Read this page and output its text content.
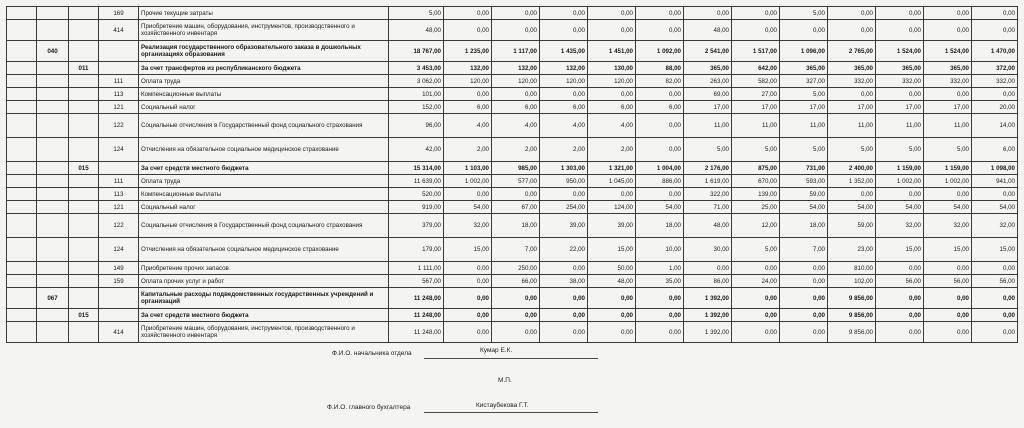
			169	Прочие текущие затраты	5,00	0,00	0,00	0,00	0,00	0,00	0,00	0,00	5,00	0,00	0,00	0,00	0,00
			414	Приобретение машин, оборудования, инструментов, производственного и хозяйственного инвентаря	48,00	0,00	0,00	0,00	0,00	0,00	48,00	0,00	0,00	0,00	0,00	0,00	0,00
	040			Реализация государственного образовательного заказа в дошкольных организациях образования	18 767,00	1 235,00	1 117,00	1 435,00	1 451,00	1 092,00	2 541,00	1 517,00	1 096,00	2 765,00	1 524,00	1 524,00	1 470,00
		011		За счет трансфертов из республиканского бюджета	3 453,00	132,00	132,00	132,00	130,00	88,00	365,00	642,00	365,00	365,00	365,00	365,00	372,00
			111	Оплата труда	3 062,00	120,00	120,00	120,00	120,00	82,00	263,00	582,00	327,00	332,00	332,00	332,00	332,00
			113	Компенсационные выплаты	101,00	0,00	0,00	0,00	0,00	0,00	69,00	27,00	5,00	0,00	0,00	0,00	0,00
			121	Социальный налог	152,00	6,00	6,00	6,00	6,00	6,00	17,00	17,00	17,00	17,00	17,00	17,00	20,00
			122	Социальные отчисления в Государственный фонд социального страхования	96,00	4,00	4,00	4,00	4,00	0,00	11,00	11,00	11,00	11,00	11,00	11,00	14,00
			124	Отчисления на обязательное социальное медицинское страхование	42,00	2,00	2,00	2,00	2,00	0,00	5,00	5,00	5,00	5,00	5,00	5,00	6,00
		015		За счет средств местного бюджета	15 314,00	1 103,00	985,00	1 303,00	1 321,00	1 004,00	2 176,00	875,00	731,00	2 400,00	1 159,00	1 159,00	1 098,00
			111	Оплата труда	11 639,00	1 002,00	577,00	950,00	1 045,00	886,00	1 619,00	670,00	593,00	1 352,00	1 002,00	1 002,00	941,00
			113	Компенсационные выплаты	520,00	0,00	0,00	0,00	0,00	0,00	322,00	139,00	59,00	0,00	0,00	0,00	0,00
			121	Социальный налог	919,00	54,00	67,00	254,00	124,00	54,00	71,00	25,00	54,00	54,00	54,00	54,00	54,00
			122	Социальные отчисления в Государственный фонд социального страхования	379,00	32,00	18,00	39,00	39,00	18,00	48,00	12,00	18,00	59,00	32,00	32,00	32,00
			124	Отчисления на обязательное социальное медицинское страхование	179,00	15,00	7,00	22,00	15,00	10,00	30,00	5,00	7,00	23,00	15,00	15,00	15,00
			149	Приобретение прочих запасов	1 111,00	0,00	250,00	0,00	50,00	1,00	0,00	0,00	0,00	810,00	0,00	0,00	0,00
			159	Оплата прочих услуг и работ	567,00	0,00	66,00	38,00	48,00	35,00	86,00	24,00	0,00	102,00	56,00	56,00	56,00
	067			Капитальные расходы подведомственных государственных учреждений и организаций	11 248,00	0,00	0,00	0,00	0,00	0,00	1 392,00	0,00	0,00	9 856,00	0,00	0,00	0,00
		015		За счет средств местного бюджета	11 248,00	0,00	0,00	0,00	0,00	0,00	1 392,00	0,00	0,00	9 856,00	0,00	0,00	0,00
			414	Приобретение машин, оборудования, инструментов, производственного и хозяйственного инвентаря	11 248,00	0,00	0,00	0,00	0,00	0,00	1 392,00	0,00	0,00	9 856,00	0,00	0,00	0,00
Ф.И.О. начальника отдела	Кумар Е.К.
М.П.
Ф.И.О. главного бухгалтера	Кистаубекова Г.Т.
